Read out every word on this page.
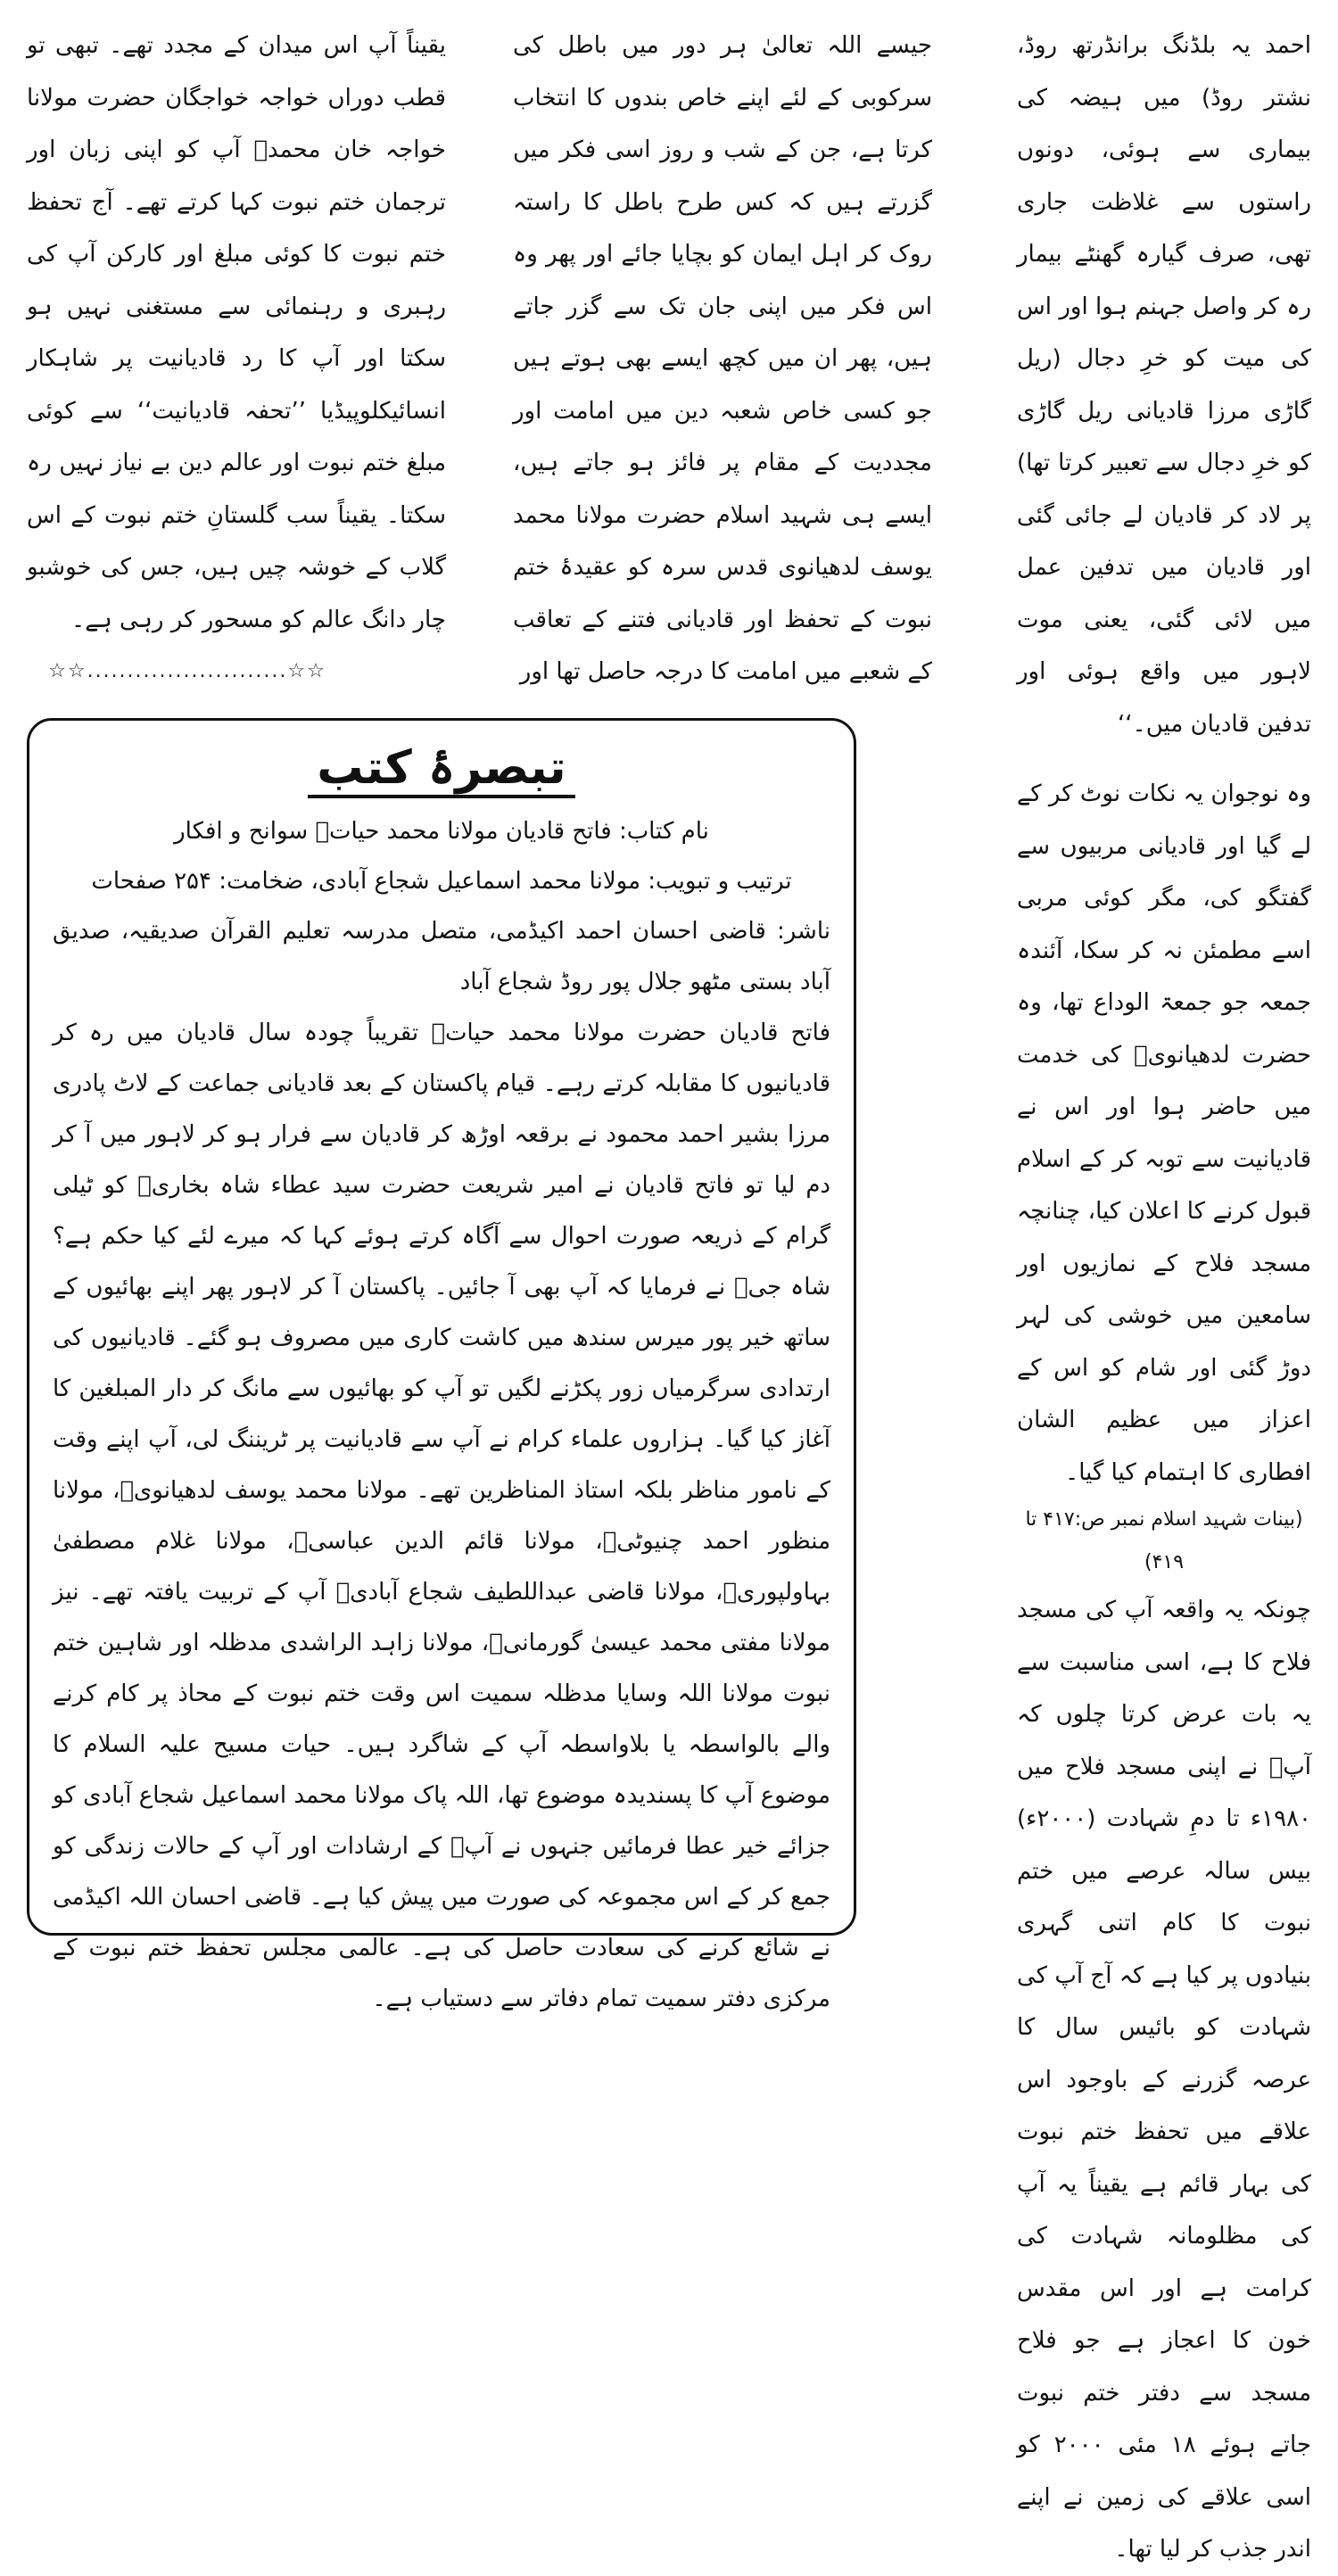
احمد یہ بلڈنگ برانڈرتھ روڈ، نشتر روڈ) میں ہیضہ کی بیماری سے ہوئی، دونوں راستوں سے غلاظت جاری تھی، صرف گیارہ گھنٹے بیمار رہ کر واصل جہنم ہوا اور اس کی میت کو خرِ دجال (ریل گاڑی مرزا قادیانی ریل گاڑی کو خرِ دجال سے تعبیر کرتا تھا) پر لاد کر قادیان لے جائی گئی اور قادیان میں تدفین عمل میں لائی گئی، یعنی موت لاہور میں واقع ہوئی اور تدفین قادیان میں۔‘‘

وہ نوجوان یہ نکات نوٹ کر کے لے گیا اور قادیانی مربیوں سے گفتگو کی، مگر کوئی مربی اسے مطمئن نہ کر سکا، آئندہ جمعہ جو جمعۃ الوداع تھا، وہ حضرت لدھیانویؒ کی خدمت میں حاضر ہوا اور اس نے قادیانیت سے توبہ کر کے اسلام قبول کرنے کا اعلان کیا، چنانچہ مسجد فلاح کے نمازیوں اور سامعین میں خوشی کی لہر دوڑ گئی اور شام کو اس کے اعزاز میں عظیم الشان افطاری کا اہتمام کیا گیا۔

(بینات شہید اسلام نمبر ص:۴۱۷ تا ۴۱۹)

چونکہ یہ واقعہ آپ کی مسجد فلاح کا ہے، اسی مناسبت سے یہ بات عرض کرتا چلوں کہ آپؒ نے اپنی مسجد فلاح میں ۱۹۸۰ء تا دمِ شہادت (۲۰۰۰ء) بیس سالہ عرصے میں ختم نبوت کا کام اتنی گہری بنیادوں پر کیا ہے کہ آج آپ کی شہادت کو بائیس سال کا عرصہ گزرنے کے باوجود اس علاقے میں تحفظ ختم نبوت کی بہار قائم ہے یقیناً یہ آپ کی مظلومانہ شہادت کی کرامت ہے اور اس مقدس خون کا اعجاز ہے جو فلاح مسجد سے دفتر ختم نبوت جاتے ہوئے ۱۸ مئی ۲۰۰۰ کو اسی علاقے کی زمین نے اپنے اندر جذب کر لیا تھا۔

جیسے اللہ تعالیٰ ہر دور میں باطل کی سرکوبی کے لئے اپنے خاص بندوں کا انتخاب کرتا ہے، جن کے شب و روز اسی فکر میں گزرتے ہیں کہ کس طرح باطل کا راستہ روک کر اہل ایمان کو بچایا جائے اور پھر وہ اس فکر میں اپنی جان تک سے گزر جاتے ہیں، پھر ان میں کچھ ایسے بھی ہوتے ہیں جو کسی خاص شعبہ دین میں امامت اور مجددیت کے مقام پر فائز ہو جاتے ہیں، ایسے ہی شہید اسلام حضرت مولانا محمد یوسف لدھیانوی قدس سرہ کو عقیدۂ ختم نبوت کے تحفظ اور قادیانی فتنے کے تعاقب کے شعبے میں امامت کا درجہ حاصل تھا اور

یقیناً آپ اس میدان کے مجدد تھے۔ تبھی تو قطب دوراں خواجہ خواجگان حضرت مولانا خواجہ خان محمدؒ آپ کو اپنی زبان اور ترجمان ختم نبوت کہا کرتے تھے۔ آج تحفظ ختم نبوت کا کوئی مبلغ اور کارکن آپ کی رہبری و رہنمائی سے مستغنی نہیں ہو سکتا اور آپ کا رد قادیانیت پر شاہکار انسائیکلوپیڈیا ’’تحفہ قادیانیت‘‘ سے کوئی مبلغ ختم نبوت اور عالم دین بے نیاز نہیں رہ سکتا۔ یقیناً سب گلستانِ ختم نبوت کے اس گلاب کے خوشہ چیں ہیں، جس کی خوشبو چار دانگ عالم کو مسحور کر رہی ہے۔

☆☆.........................☆☆
تبصرۂ کتب
نام کتاب: فاتح قادیان مولانا محمد حیاتؒ سوانح و افکار
ترتیب و تبویب: مولانا محمد اسماعیل شجاع آبادی، ضخامت: ۲۵۴ صفحات
ناشر: قاضی احسان احمد اکیڈمی، متصل مدرسہ تعلیم القرآن صدیقیہ، صدیق آباد بستی مٹھو جلال پور روڈ شجاع آباد
فاتح قادیان حضرت مولانا محمد حیاتؒ تقریباً چودہ سال قادیان میں رہ کر قادیانیوں کا مقابلہ کرتے رہے۔ قیام پاکستان کے بعد قادیانی جماعت کے لاٹ پادری مرزا بشیر احمد محمود نے برقعہ اوڑھ کر قادیان سے فرار ہو کر لاہور میں آ کر دم لیا تو فاتح قادیان نے امیر شریعت حضرت سید عطاء شاہ بخاریؒ کو ٹیلی گرام کے ذریعہ صورت احوال سے آگاہ کرتے ہوئے کہا کہ میرے لئے کیا حکم ہے؟ شاہ جیؒ نے فرمایا کہ آپ بھی آ جائیں۔ پاکستان آ کر لاہور پھر اپنے بھائیوں کے ساتھ خیر پور میرس سندھ میں کاشت کاری میں مصروف ہو گئے۔ قادیانیوں کی ارتدادی سرگرمیاں زور پکڑنے لگیں تو آپ کو بھائیوں سے مانگ کر دار المبلغین کا آغاز کیا گیا۔ ہزاروں علماء کرام نے آپ سے قادیانیت پر ٹریننگ لی، آپ اپنے وقت کے نامور مناظر بلکہ استاذ المناظرین تھے۔ مولانا محمد یوسف لدھیانویؒ، مولانا منظور احمد چنیوٹیؒ، مولانا قائم الدین عباسیؒ، مولانا غلام مصطفیٰ بہاولپوریؒ، مولانا قاضی عبداللطیف شجاع آبادیؒ آپ کے تربیت یافتہ تھے۔ نیز مولانا مفتی محمد عیسیٰ گورمانیؒ، مولانا زاہد الراشدی مدظلہ اور شاہین ختم نبوت مولانا اللہ وسایا مدظلہ سمیت اس وقت ختم نبوت کے محاذ پر کام کرنے والے بالواسطہ یا بلاواسطہ آپ کے شاگرد ہیں۔ حیات مسیح علیہ السلام کا موضوع آپ کا پسندیدہ موضوع تھا، اللہ پاک مولانا محمد اسماعیل شجاع آبادی کو جزائے خیر عطا فرمائیں جنہوں نے آپؒ کے ارشادات اور آپ کے حالات زندگی کو جمع کر کے اس مجموعہ کی صورت میں پیش کیا ہے۔ قاضی احسان اللہ اکیڈمی نے شائع کرنے کی سعادت حاصل کی ہے۔ عالمی مجلس تحفظ ختم نبوت کے مرکزی دفتر سمیت تمام دفاتر سے دستیاب ہے۔
